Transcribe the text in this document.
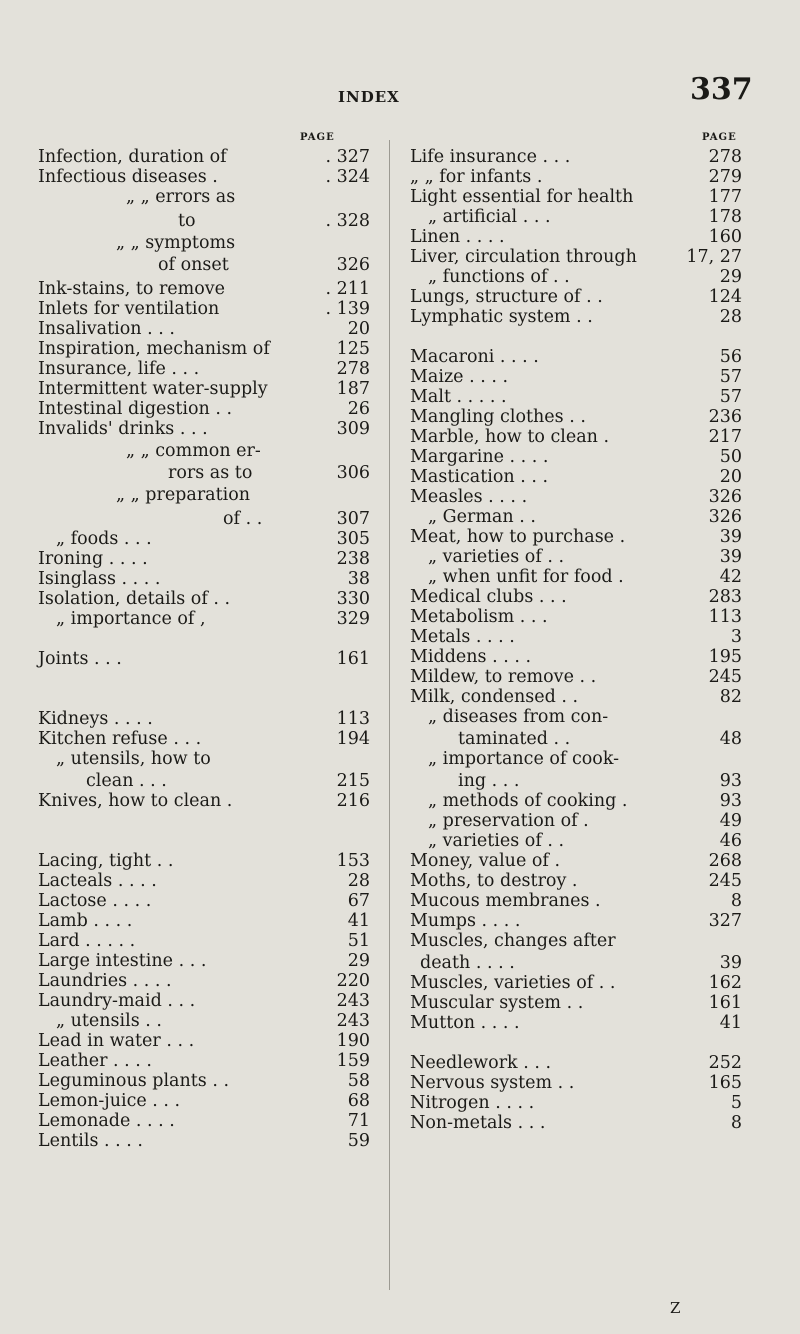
INDEX	337
PAGE
Infection, duration of	. 327
Infectious diseases .	. 324
„ „ errors as
to	. 328
„ „ symptoms
of onset	326
Ink-stains, to remove	. 211
Inlets for ventilation	. 139
Insalivation . . .	20
Inspiration, mechanism of	125
Insurance, life . . .	278
Intermittent water-supply	187
Intestinal digestion . .	26
Invalids' drinks . . .	309
„ „ common er-
rors as to	306
„ „ preparation
of . .	307
„ foods . . .	305
Ironing . . . .	238
Isinglass . . . .	38
Isolation, details of . .	330
„ importance of ,	329
Joints . . .	161
Kidneys . . . .	113
Kitchen refuse . . .	194
„ utensils, how to
clean . . .	215
Knives, how to clean .	216
Lacing, tight . .	153
Lacteals . . . .	28
Lactose . . . .	67
Lamb . . . .	41
Lard . . . . .	51
Large intestine . . .	29
Laundries . . . .	220
Laundry-maid . . .	243
„ utensils . .	243
Lead in water . . .	190
Leather . . . .	159
Leguminous plants . .	58
Lemon-juice . . .	68
Lemonade . . . .	71
Lentils . . . .	59
PAGE
Life insurance . . .	278
„ „ for infants .	279
Light essential for health	177
„ artificial . . .	178
Linen . . . .	160
Liver, circulation through	17, 27
„ functions of . .	29
Lungs, structure of . .	124
Lymphatic system . .	28
Macaroni . . . .	56
Maize . . . .	57
Malt . . . . .	57
Mangling clothes . .	236
Marble, how to clean .	217
Margarine . . . .	50
Mastication . . .	20
Measles . . . .	326
„ German . .	326
Meat, how to purchase .	39
„ varieties of . .	39
„ when unfit for food .	42
Medical clubs . . .	283
Metabolism . . .	113
Metals . . . .	3
Middens . . . .	195
Mildew, to remove . .	245
Milk, condensed . .	82
„ diseases from con-
taminated . .	48
„ importance of cook-
ing . . .	93
„ methods of cooking .	93
„ preservation of .	49
„ varieties of . .	46
Money, value of .	268
Moths, to destroy .	245
Mucous membranes .	8
Mumps . . . .	327
Muscles, changes after
death . . . .	39
Muscles, varieties of . .	162
Muscular system . .	161
Mutton . . . .	41
Needlework . . .	252
Nervous system . .	165
Nitrogen . . . .	5
Non-metals . . .	8
Z
